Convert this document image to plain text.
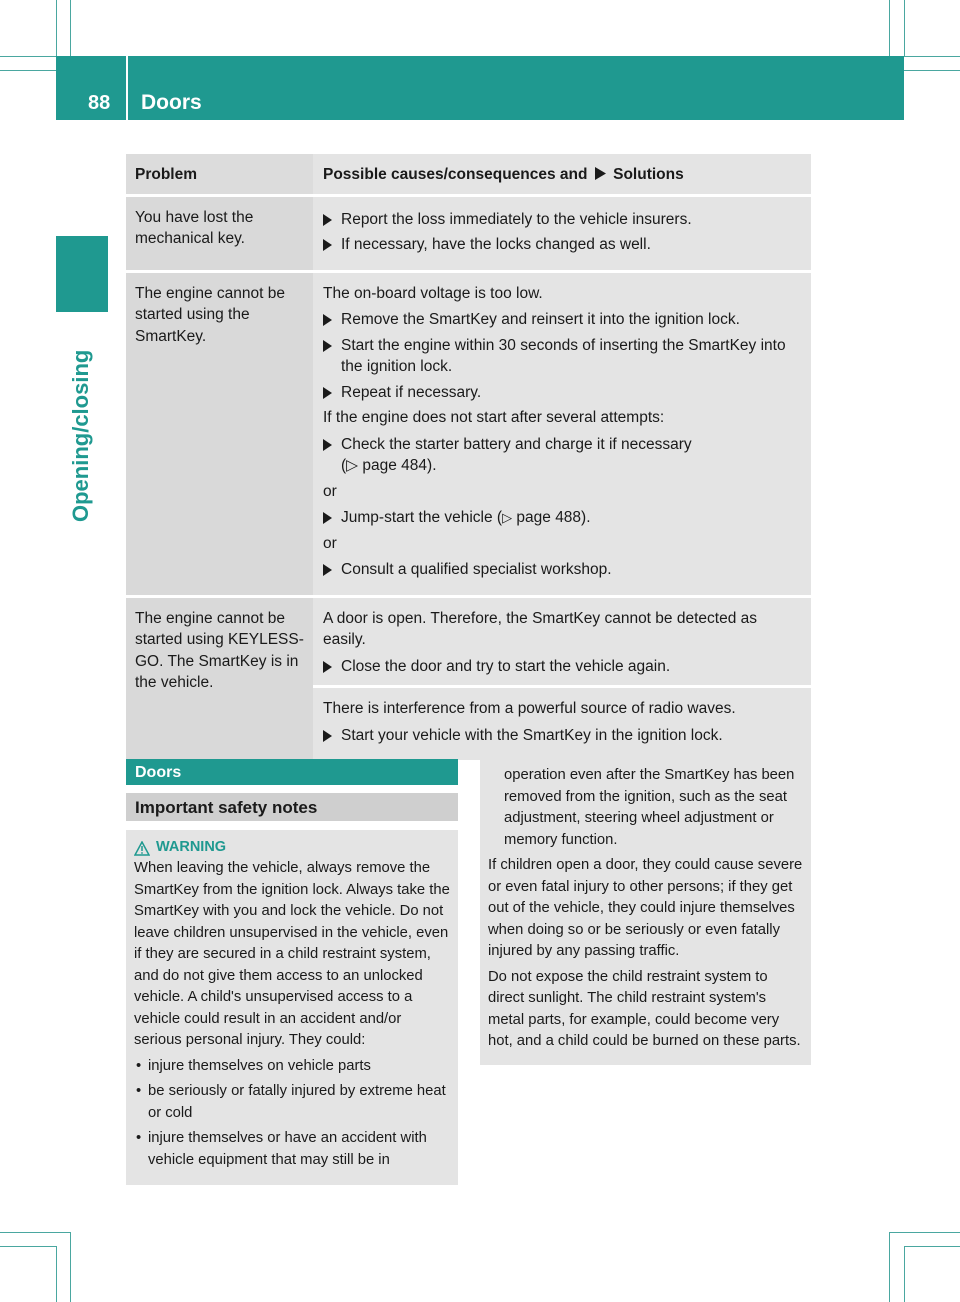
88 Doors
Opening/closing
Problem	Possible causes/consequences and Solutions
You have lost the mechanical key.
Report the loss immediately to the vehicle insurers.
If necessary, have the locks changed as well.
The engine cannot be started using the SmartKey.

The on-board voltage is too low.

Remove the SmartKey and reinsert it into the ignition lock.
Start the engine within 30 seconds of inserting the SmartKey into the ignition lock.
Repeat if necessary.

If the engine does not start after several attempts:

Check the starter battery and charge it if necessary
(▷ page 484).

or

Jump-start the vehicle (▷ page 488).

or

Consult a qualified specialist workshop.
The engine cannot be started using KEYLESS-GO. The SmartKey is in the vehicle.

A door is open. Therefore, the SmartKey cannot be detected as easily.

Close the door and try to start the vehicle again.

There is interference from a powerful source of radio waves.

Start your vehicle with the SmartKey in the ignition lock.
Doors
Important safety notes
WARNING

When leaving the vehicle, always remove the SmartKey from the ignition lock. Always take the SmartKey with you and lock the vehicle. Do not leave children unsupervised in the vehicle, even if they are secured in a child restraint system, and do not give them access to an unlocked vehicle. A child's unsupervised access to a vehicle could result in an accident and/or serious personal injury. They could:

• injure themselves on vehicle parts
• be seriously or fatally injured by extreme heat or cold
• injure themselves or have an accident with vehicle equipment that may still be in

operation even after the SmartKey has been removed from the ignition, such as the seat adjustment, steering wheel adjustment or memory function.

If children open a door, they could cause severe or even fatal injury to other persons; if they get out of the vehicle, they could injure themselves when doing so or be seriously or even fatally injured by any passing traffic.

Do not expose the child restraint system to direct sunlight. The child restraint system's metal parts, for example, could become very hot, and a child could be burned on these parts.
